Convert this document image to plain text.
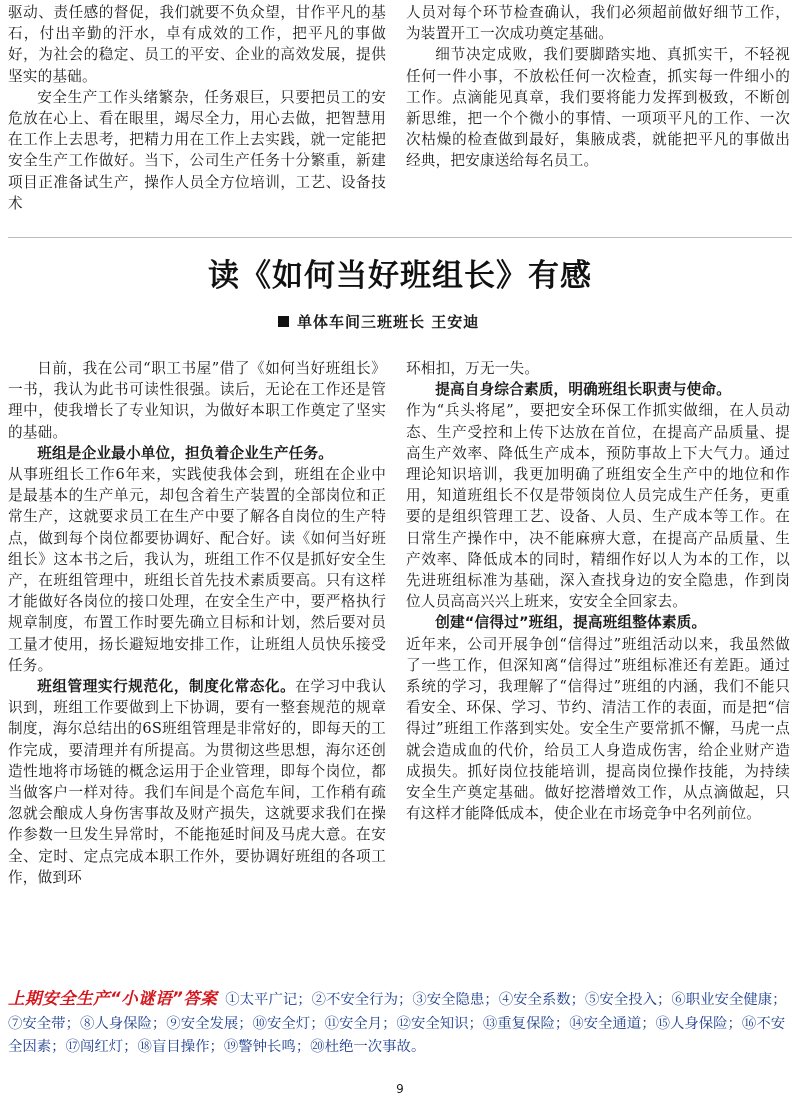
驱动、责任感的督促，我们就要不负众望，甘作平凡的基石，付出辛勤的汗水，卓有成效的工作，把平凡的事做好，为社会的稳定、员工的平安、企业的高效发展，提供坚实的基础。

安全生产工作头绪繁杂，任务艰巨，只要把员工的安危放在心上、看在眼里，竭尽全力，用心去做，把智慧用在工作上去思考，把精力用在工作上去实践，就一定能把安全生产工作做好。当下，公司生产任务十分繁重，新建项目正准备试生产，操作人员全方位培训，工艺、设备技术

人员对每个环节检查确认，我们必须超前做好细节工作，为装置开工一次成功奠定基础。

细节决定成败，我们要脚踏实地、真抓实干，不轻视任何一件小事，不放松任何一次检查，抓实每一件细小的工作。点滴能见真章，我们要将能力发挥到极致，不断创新思维，把一个个微小的事情、一项项平凡的工作、一次次枯燥的检查做到最好，集腋成裘，就能把平凡的事做出经典，把安康送给每名员工。

读《如何当好班组长》有感
单体车间三班班长 王安迪

日前，我在公司“职工书屋”借了《如何当好班组长》一书，我认为此书可读性很强。读后，无论在工作还是管理中，使我增长了专业知识，为做好本职工作奠定了坚实的基础。

班组是企业最小单位，担负着企业生产任务。

从事班组长工作6年来，实践使我体会到，班组在企业中是最基本的生产单元，却包含着生产装置的全部岗位和正常生产，这就要求员工在生产中要了解各自岗位的生产特点，做到每个岗位都要协调好、配合好。读《如何当好班组长》这本书之后，我认为，班组工作不仅是抓好安全生产，在班组管理中，班组长首先技术素质要高。只有这样才能做好各岗位的接口处理，在安全生产中，要严格执行规章制度，布置工作时要先确立目标和计划，然后要对员工量才使用，扬长避短地安排工作，让班组人员快乐接受任务。

班组管理实行规范化，制度化常态化。在学习中我认识到，班组工作要做到上下协调，要有一整套规范的规章制度，海尔总结出的6S班组管理是非常好的，即每天的工作完成，要清理并有所提高。为贯彻这些思想，海尔还创造性地将市场链的概念运用于企业管理，即每个岗位，都当做客户一样对待。我们车间是个高危车间，工作稍有疏忽就会酿成人身伤害事故及财产损失，这就要求我们在操作参数一旦发生异常时，不能拖延时间及马虎大意。在安全、定时、定点完成本职工作外，要协调好班组的各项工作，做到环

环相扣，万无一失。

提高自身综合素质，明确班组长职责与使命。

作为“兵头将尾”，要把安全环保工作抓实做细，在人员动态、生产受控和上传下达放在首位，在提高产品质量、提高生产效率、降低生产成本，预防事故上下大气力。通过理论知识培训，我更加明确了班组安全生产中的地位和作用，知道班组长不仅是带领岗位人员完成生产任务，更重要的是组织管理工艺、设备、人员、生产成本等工作。在日常生产操作中，决不能麻痹大意，在提高产品质量、生产效率、降低成本的同时，精细作好以人为本的工作，以先进班组标准为基础，深入查找身边的安全隐患，作到岗位人员高高兴兴上班来，安安全全回家去。

创建“信得过”班组，提高班组整体素质。

近年来，公司开展争创“信得过”班组活动以来，我虽然做了一些工作，但深知离“信得过”班组标准还有差距。通过系统的学习，我理解了“信得过”班组的内涵，我们不能只看安全、环保、学习、节约、清洁工作的表面，而是把“信得过”班组工作落到实处。安全生产要常抓不懈，马虎一点就会造成血的代价，给员工人身造成伤害，给企业财产造成损失。抓好岗位技能培训，提高岗位操作技能，为持续安全生产奠定基础。做好挖潜增效工作，从点滴做起，只有这样才能降低成本，使企业在市场竞争中名列前位。

上期安全生产“小谜语”答案 ①太平广记；②不安全行为；③安全隐患；④安全系数；⑤安全投入；⑥职业安全健康；⑦安全带；⑧人身保险；⑨安全发展；⑩安全灯；⑪安全月；⑫安全知识；⑬重复保险；⑭安全通道；⑮人身保险；⑯不安全因素；⑰闯红灯；⑱盲目操作；⑲警钟长鸣；⑳杜绝一次事故。
9
